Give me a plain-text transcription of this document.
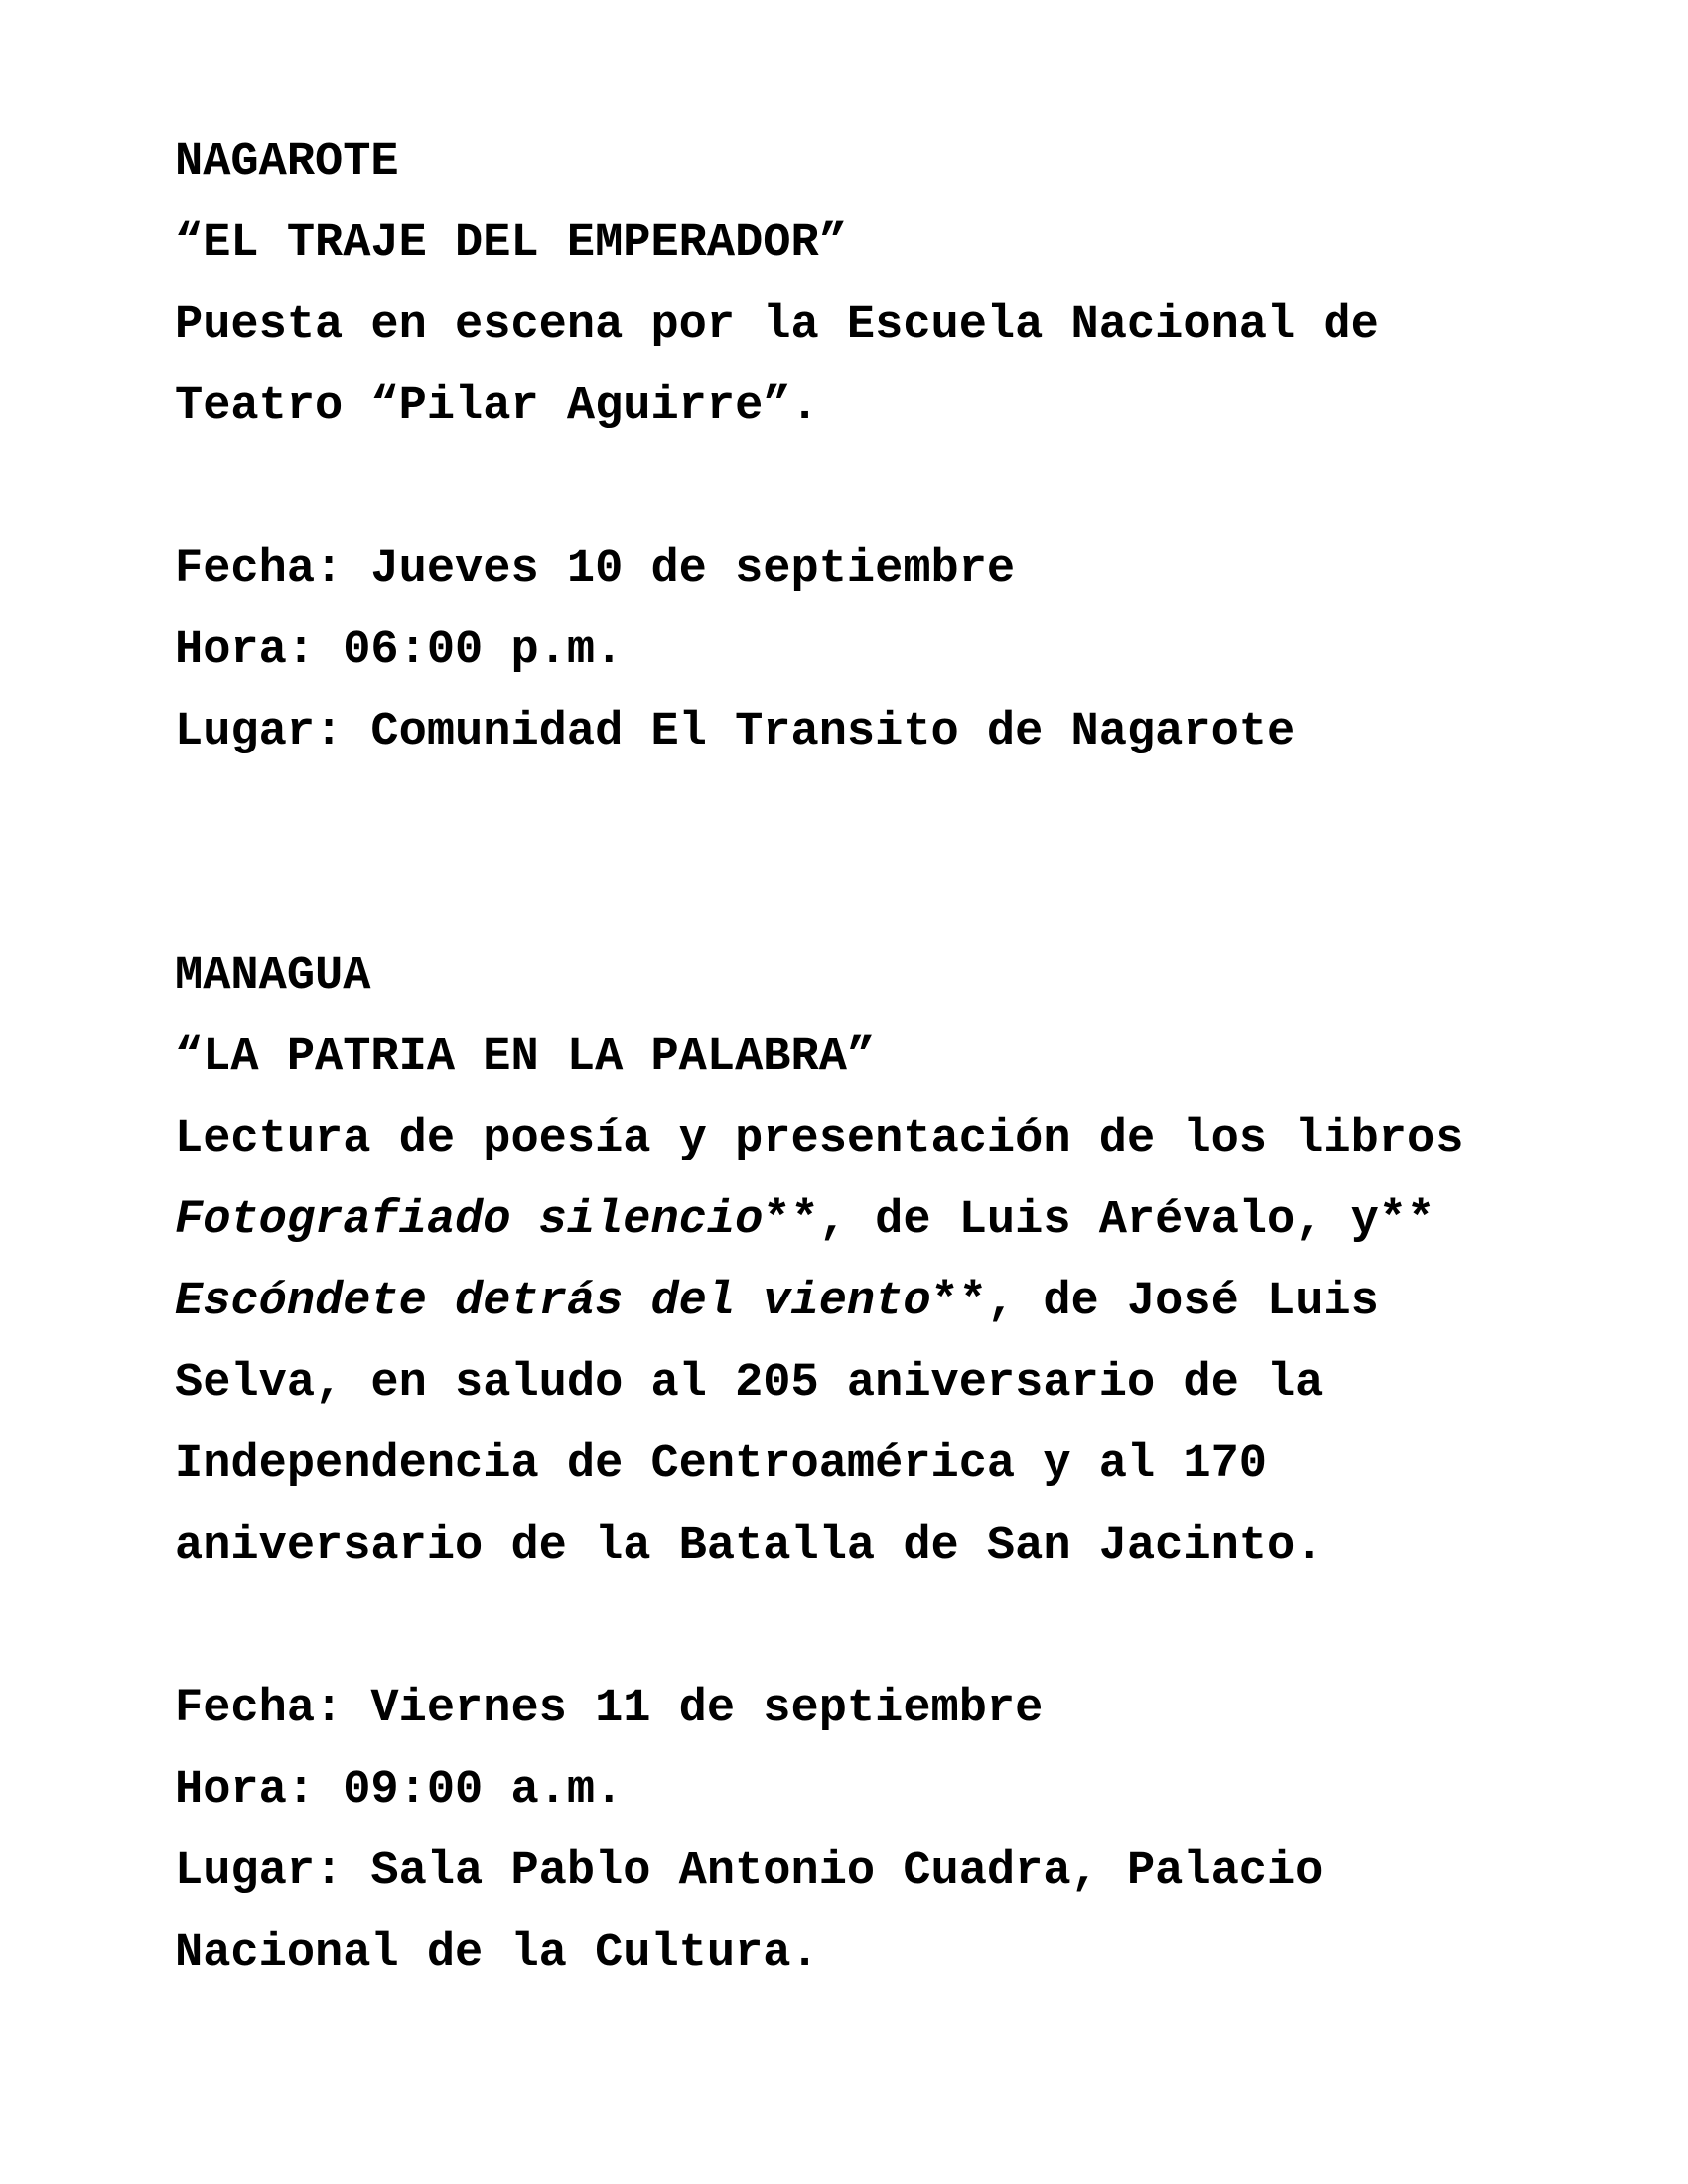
NAGAROTE
“EL TRAJE DEL EMPERADOR”
Puesta en escena por la Escuela Nacional de
Teatro “Pilar Aguirre”.
Fecha: Jueves 10 de septiembre
Hora: 06:00 p.m.
Lugar: Comunidad El Transito de Nagarote
MANAGUA
“LA PATRIA EN LA PALABRA”
Lectura de poesía y presentación de los libros
Fotografiado silencio**, de Luis Arévalo, y**
Escóndete detrás del viento**, de José Luis
Selva, en saludo al 205 aniversario de la
Independencia de Centroamérica y al 170
aniversario de la Batalla de San Jacinto.
Fecha: Viernes 11 de septiembre
Hora: 09:00 a.m.
Lugar: Sala Pablo Antonio Cuadra, Palacio
Nacional de la Cultura.
